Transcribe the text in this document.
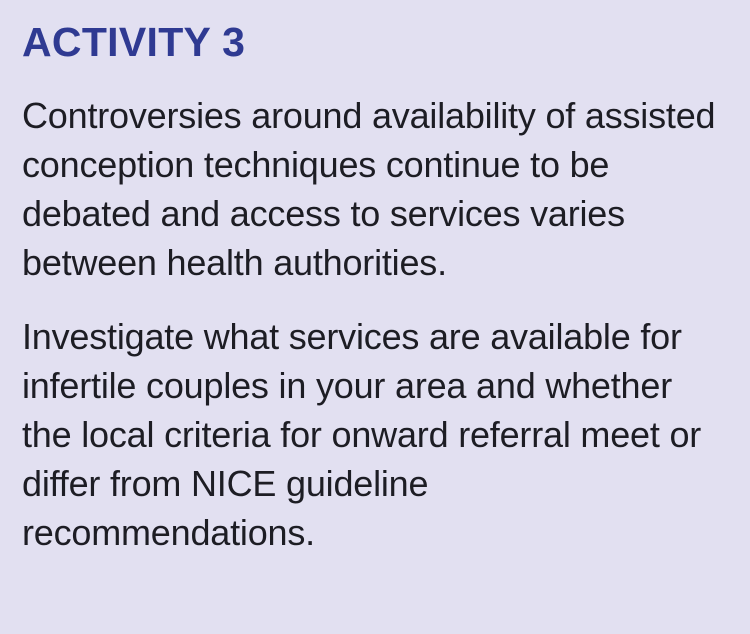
ACTIVITY 3

Controversies around availability of assisted conception techniques continue to be debated and access to services varies between health authorities.

Investigate what services are available for infertile couples in your area and whether the local criteria for onward referral meet or differ from NICE guideline recommendations.
